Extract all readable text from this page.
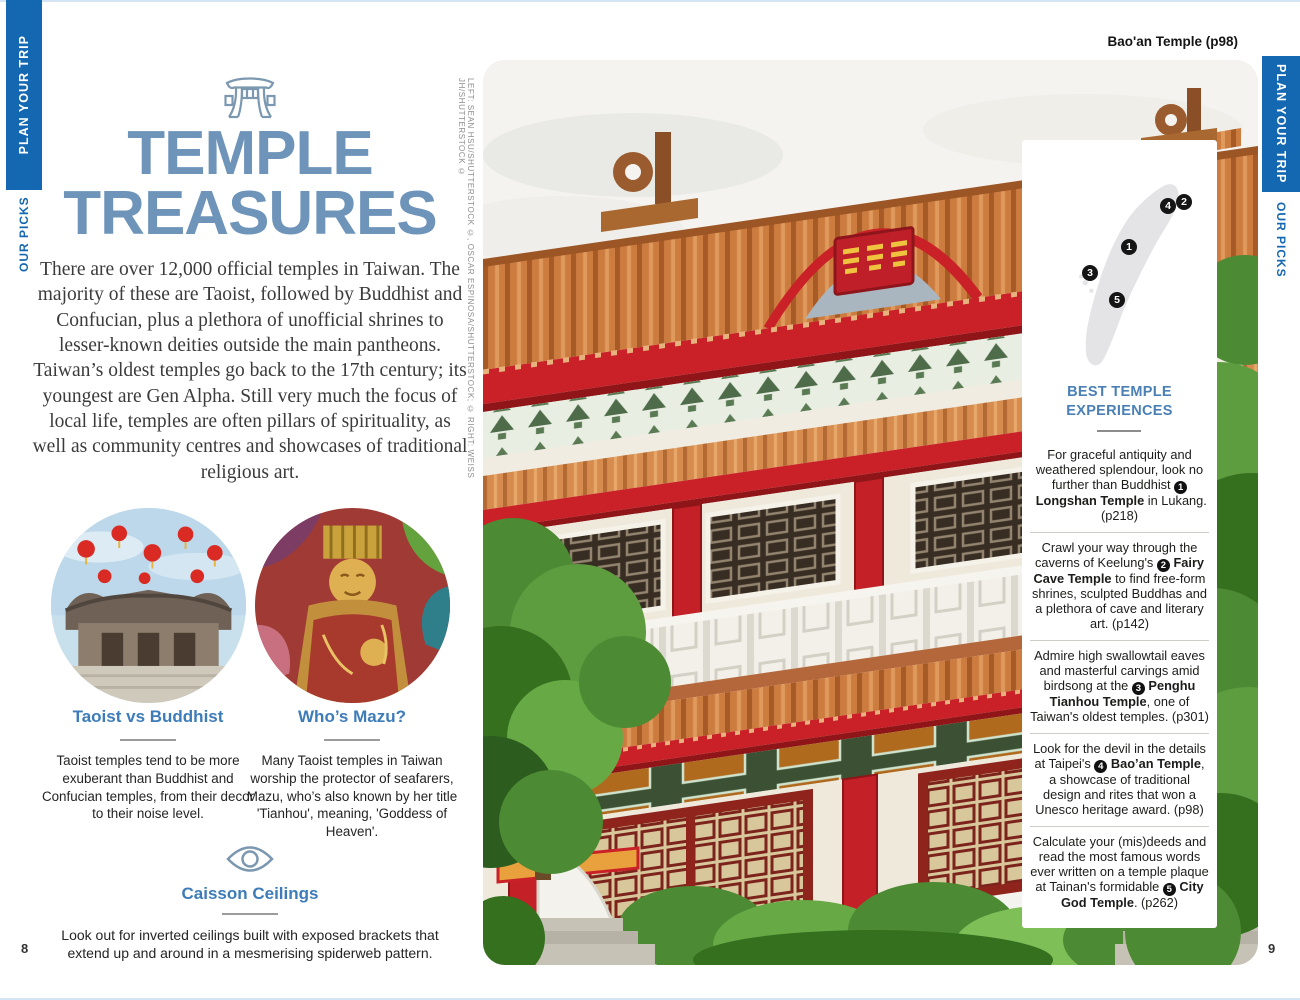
PLAN YOUR TRIP
OUR PICKS
TEMPLE
TREASURES
There are over 12,000 official temples in Taiwan. The majority of these are Taoist, followed by Buddhist and Confucian, plus a plethora of unofficial shrines to lesser-known deities outside the main pantheons. Taiwan’s oldest temples go back to the 17th century; its youngest are Gen Alpha. Still very much the focus of local life, temples are often pillars of spirituality, as well as community centres and showcases of traditional religious art.
Taoist vs Buddhist	Who’s Mazu?
Taoist temples tend to be more exuberant than Buddhist and Confucian temples, from their decor to their noise level.
Many Taoist temples in Taiwan worship the protector of seafarers, Mazu, who’s also known by her title 'Tianhou', meaning, 'Goddess of Heaven'.
Caisson Ceilings
Look out for inverted ceilings built with exposed brackets that extend up and around in a mesmerising spiderweb pattern.
8
Bao'an Temple (p98)
LEFT: SEAN HSU/SHUTTERSTOCK ©, OSCAR ESPINOSA/SHUTTERSTOCK; © RIGHT: WEISS JH/SHUTTERSTOCK ©
1
2
3
4
5
BEST TEMPLE
EXPERIENCES
For graceful antiquity and weathered splendour, look no further than Buddhist 1 Longshan Temple in Lukang. (p218)
Crawl your way through the caverns of Keelung's 2 Fairy Cave Temple to find free-form shrines, sculpted Buddhas and a plethora of cave and literary art. (p142)
Admire high swallowtail eaves and masterful carvings amid birdsong at the 3 Penghu Tianhou Temple, one of Taiwan's oldest temples. (p301)
Look for the devil in the details at Taipei's 4 Bao’an Temple, a showcase of traditional design and rites that won a Unesco heritage award. (p98)
Calculate your (mis)deeds and read the most famous words ever written on a temple plaque at Tainan's formidable 5 City God Temple. (p262)
PLAN YOUR TRIP
OUR PICKS
9
